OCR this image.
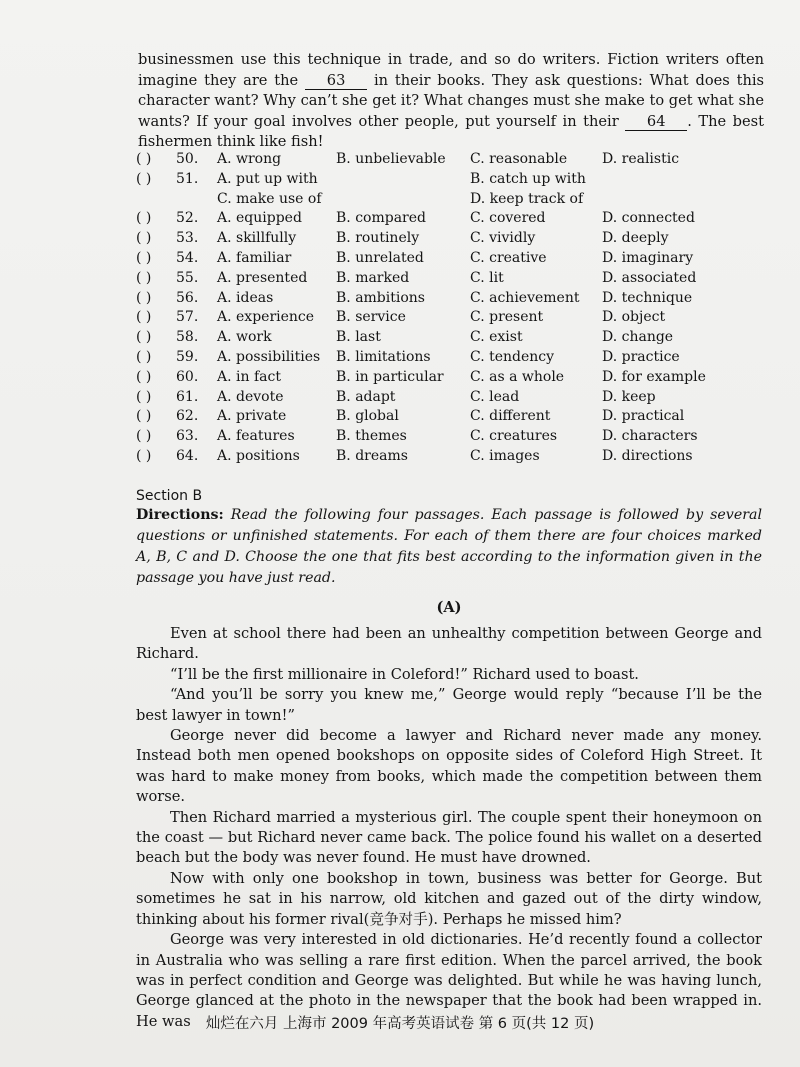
businessmen use this technique in trade, and so do writers. Fiction writers often imagine they are the 63 in their books. They ask questions: What does this character want? Why can’t she get it? What changes must she make to get what she wants? If your goal involves other people, put yourself in their 64 . The best fishermen think like fish!

( ) 50. A. wrong	B. unbelievable C. reasonable D. realistic
( ) 51. A. put up with	B. catch up with
C. make use of	D. keep track of
( ) 52. A. equipped B. compared	C. covered	D. connected
( ) 53. A. skillfully	B. routinely	C. vividly	D. deeply
( ) 54. A. familiar	B. unrelated	C. creative	D. imaginary
( ) 55. A. presented B. marked	C. lit	D. associated
( ) 56. A. ideas	B. ambitions	C. achievement D. technique
( ) 57. A. experience B. service	C. present	D. object
( ) 58. A. work	B. last	C. exist	D. change
( ) 59. A. possibilities B. limitations	C. tendency	D. practice
( ) 60. A. in fact	B. in particular C. as a whole	D. for example
( ) 61. A. devote	B. adapt	C. lead	D. keep
( ) 62. A. private	B. global	C. different	D. practical
( ) 63. A. features	B. themes	C. creatures	D. characters
( ) 64. A. positions	B. dreams	C. images	D. directions

Section B

Directions: Read the following four passages. Each passage is followed by several questions or unfinished statements. For each of them there are four choices marked A, B, C and D. Choose the one that fits best according to the information given in the passage you have just read.

(A)

Even at school there had been an unhealthy competition between George and Richard.

“I’ll be the first millionaire in Coleford!” Richard used to boast.

“And you’ll be sorry you knew me,” George would reply “because I’ll be the best lawyer in town!”

George never did become a lawyer and Richard never made any money. Instead both men opened bookshops on opposite sides of Coleford High Street. It was hard to make money from books, which made the competition between them worse.

Then Richard married a mysterious girl. The couple spent their honeymoon on the coast — but Richard never came back. The police found his wallet on a deserted beach but the body was never found. He must have drowned.

Now with only one bookshop in town, business was better for George. But sometimes he sat in his narrow, old kitchen and gazed out of the dirty window, thinking about his former rival(竞争对手). Perhaps he missed him?

George was very interested in old dictionaries. He’d recently found a collector in Australia who was selling a rare first edition. When the parcel arrived, the book was in perfect condition and George was delighted. But while he was having lunch, George glanced at the photo in the newspaper that the book had been wrapped in. He was	灿烂在六月 上海市 2009 年高考英语试卷 第 6 页(共 12 页)
